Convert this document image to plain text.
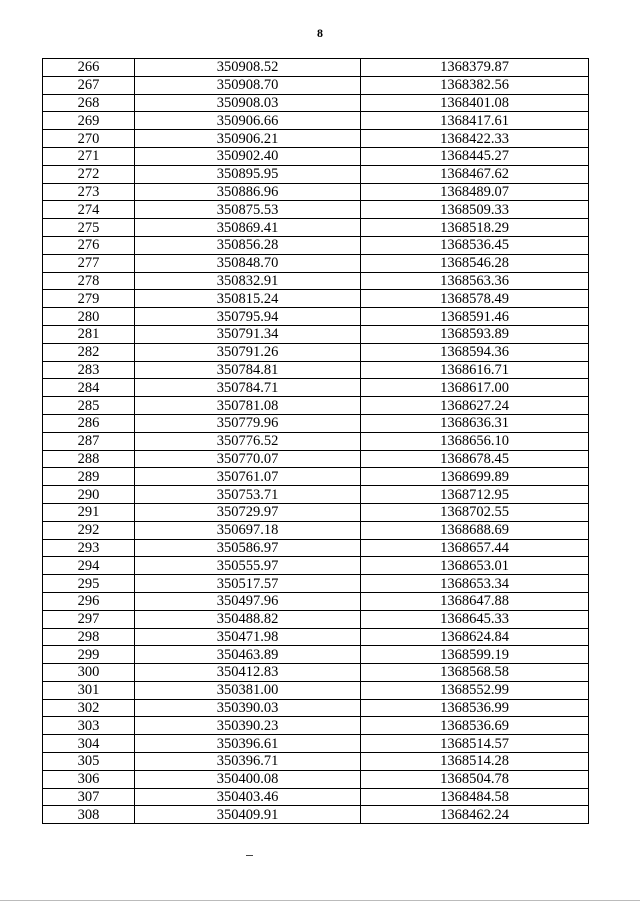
8
266	350908.52	1368379.87
267	350908.70	1368382.56
268	350908.03	1368401.08
269	350906.66	1368417.61
270	350906.21	1368422.33
271	350902.40	1368445.27
272	350895.95	1368467.62
273	350886.96	1368489.07
274	350875.53	1368509.33
275	350869.41	1368518.29
276	350856.28	1368536.45
277	350848.70	1368546.28
278	350832.91	1368563.36
279	350815.24	1368578.49
280	350795.94	1368591.46
281	350791.34	1368593.89
282	350791.26	1368594.36
283	350784.81	1368616.71
284	350784.71	1368617.00
285	350781.08	1368627.24
286	350779.96	1368636.31
287	350776.52	1368656.10
288	350770.07	1368678.45
289	350761.07	1368699.89
290	350753.71	1368712.95
291	350729.97	1368702.55
292	350697.18	1368688.69
293	350586.97	1368657.44
294	350555.97	1368653.01
295	350517.57	1368653.34
296	350497.96	1368647.88
297	350488.82	1368645.33
298	350471.98	1368624.84
299	350463.89	1368599.19
300	350412.83	1368568.58
301	350381.00	1368552.99
302	350390.03	1368536.99
303	350390.23	1368536.69
304	350396.61	1368514.57
305	350396.71	1368514.28
306	350400.08	1368504.78
307	350403.46	1368484.58
308	350409.91	1368462.24
